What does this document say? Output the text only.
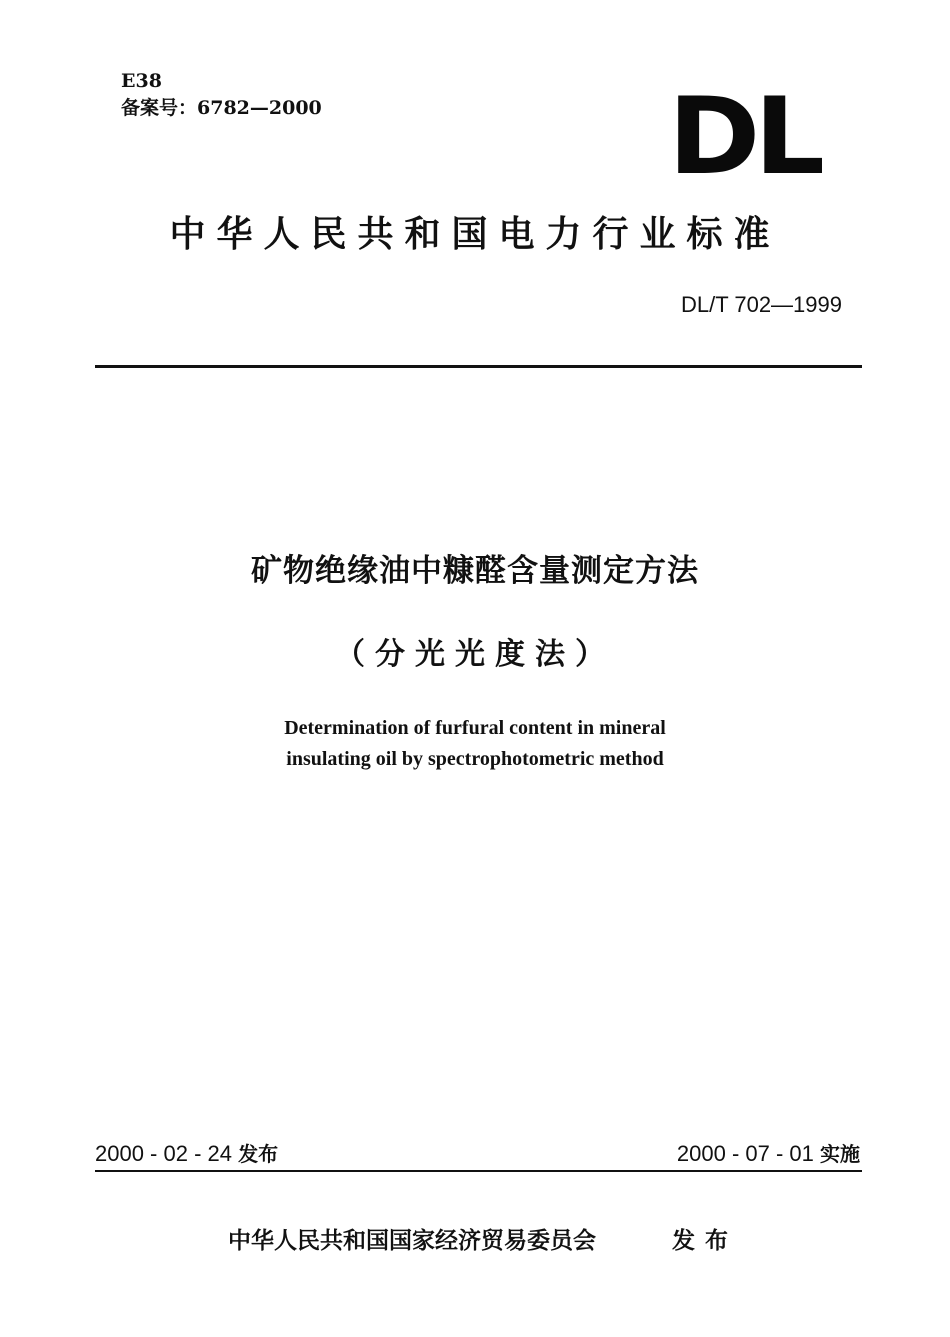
E38
备案号：6782—2000	DL
中华人民共和国电力行业标准
DL/T 702—1999
矿物绝缘油中糠醛含量测定方法
（分光光度法）
Determination of furfural content in mineral
insulating oil by spectrophotometric method
2000 - 02 - 24 发布	2000 - 07 - 01 实施
中华人民共和国国家经济贸易委员会	发布
